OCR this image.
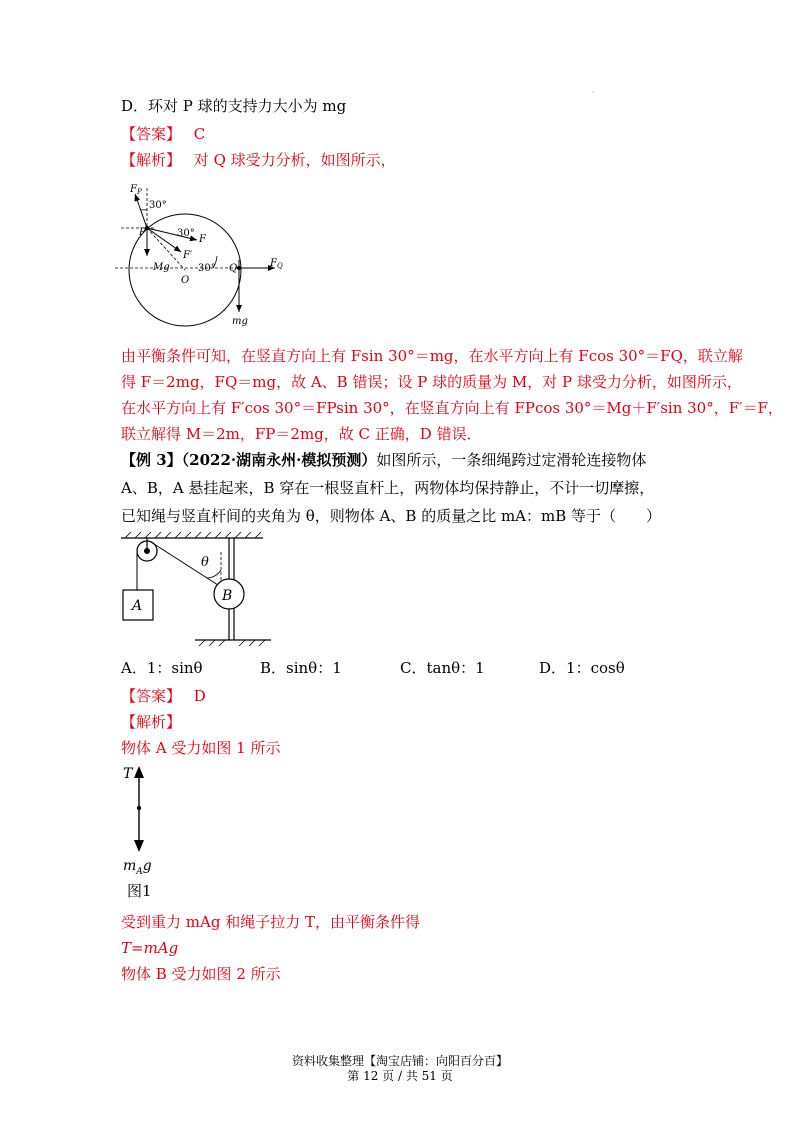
·
D．环对 P 球的支持力大小为 mg
【答案】 C
【解析】 对 Q 球受力分析，如图所示，
$F_P$
30°
P	30°
F
F′
Mg	30°
O
Q	$F_Q$
mg
由平衡条件可知，在竖直方向上有 Fsin 30°＝mg，在水平方向上有 Fcos 30°＝FQ，联立解
得 F＝2mg，FQ＝mg，故 A、B 错误；设 P 球的质量为 M，对 P 球受力分析，如图所示，
在水平方向上有 F′cos 30°＝FPsin 30°，在竖直方向上有 FPcos 30°＝Mg＋F′sin 30°，F′＝F，
联立解得 M＝2m，FP＝2mg，故 C 正确，D 错误．
【例 3】（2022·湖南永州·模拟预测）如图所示，一条细绳跨过定滑轮连接物体
A、B，A 悬挂起来，B 穿在一根竖直杆上，两物体均保持静止，不计一切摩擦，
已知绳与竖直杆间的夹角为 θ，则物体 A、B 的质量之比 mA：mB 等于（　　）
A
B
θ
A．1：sinθ	B．sinθ：1	C．tanθ：1	D．1：cosθ
【答案】 D
【解析】
物体 A 受力如图 1 所示
T
$m_Ag$
图1
受到重力 mAg 和绳子拉力 T，由平衡条件得
T=mAg
物体 B 受力如图 2 所示
资料收集整理【淘宝店铺：向阳百分百】
第 12 页 / 共 51 页
